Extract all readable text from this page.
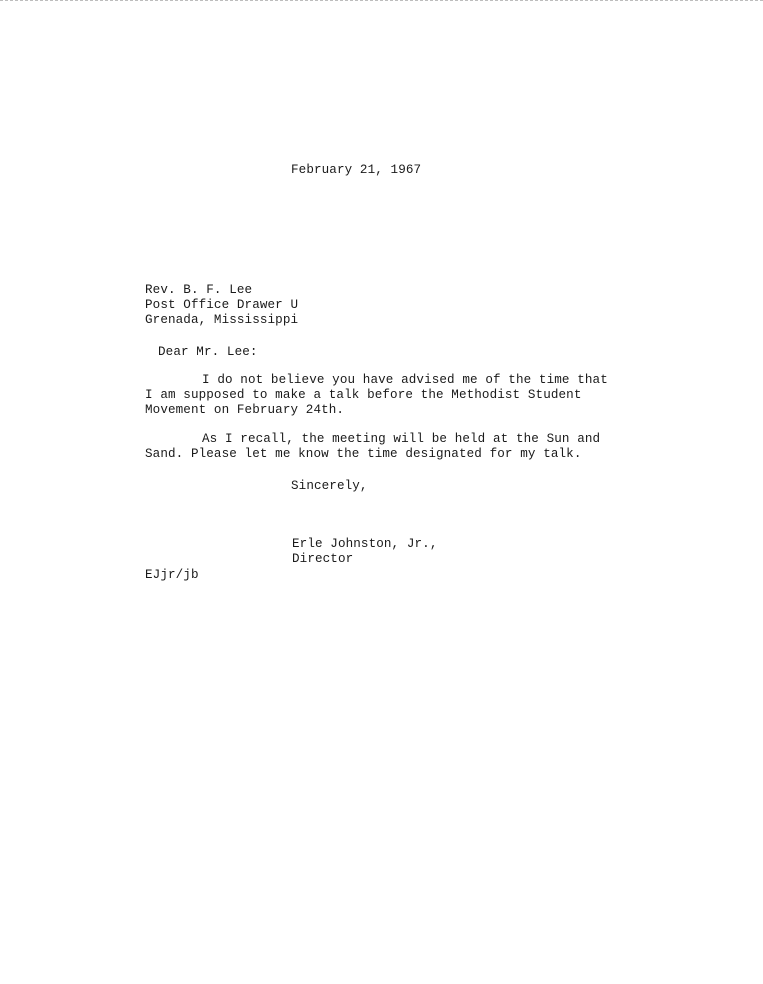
February 21, 1967
Rev. B. F. Lee
Post Office Drawer U
Grenada, Mississippi
Dear Mr. Lee:
I do not believe you have advised me of the time that
I am supposed to make a talk before the Methodist Student
Movement on February 24th.
As I recall, the meeting will be held at the Sun and
Sand. Please let me know the time designated for my talk.
Sincerely,
Erle Johnston, Jr.,
Director
EJjr/jb
